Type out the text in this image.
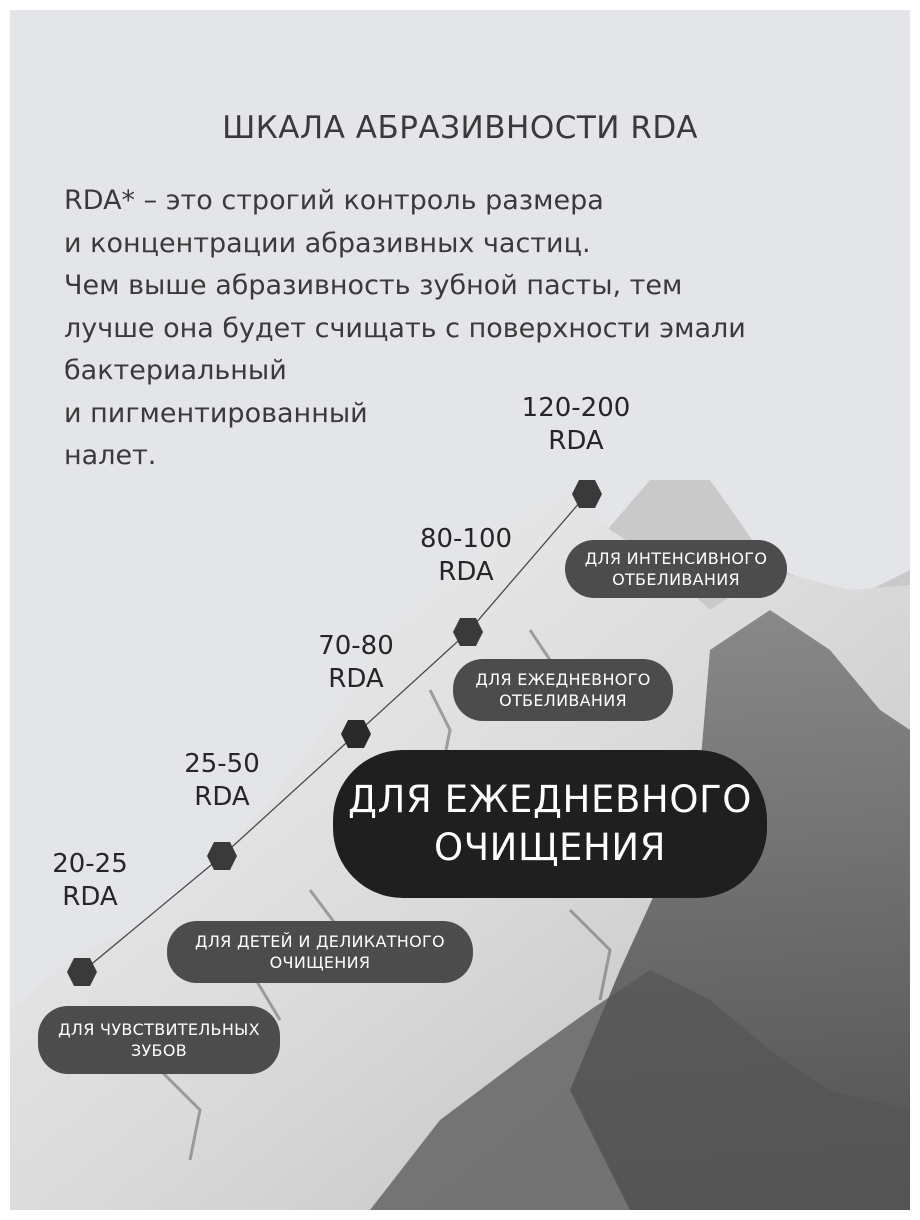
ШКАЛА АБРАЗИВНОСТИ RDA
RDA* – это строгий контроль размера
и концентрации абразивных частиц.
Чем выше абразивность зубной пасты, тем
лучше она будет счищать с поверхности эмали
бактериальный
и пигментированный
налет.
20-25
RDA
ДЛЯ ЧУВСТВИТЕЛЬНЫХ
ЗУБОВ
25-50
RDA
ДЛЯ ДЕТЕЙ И ДЕЛИКАТНОГО
ОЧИЩЕНИЯ
70-80
RDA
ДЛЯ ЕЖЕДНЕВНОГО
ОЧИЩЕНИЯ
80-100
RDA
ДЛЯ ЕЖЕДНЕВНОГО
ОТБЕЛИВАНИЯ
120-200
RDA
ДЛЯ ИНТЕНСИВНОГО
ОТБЕЛИВАНИЯ
